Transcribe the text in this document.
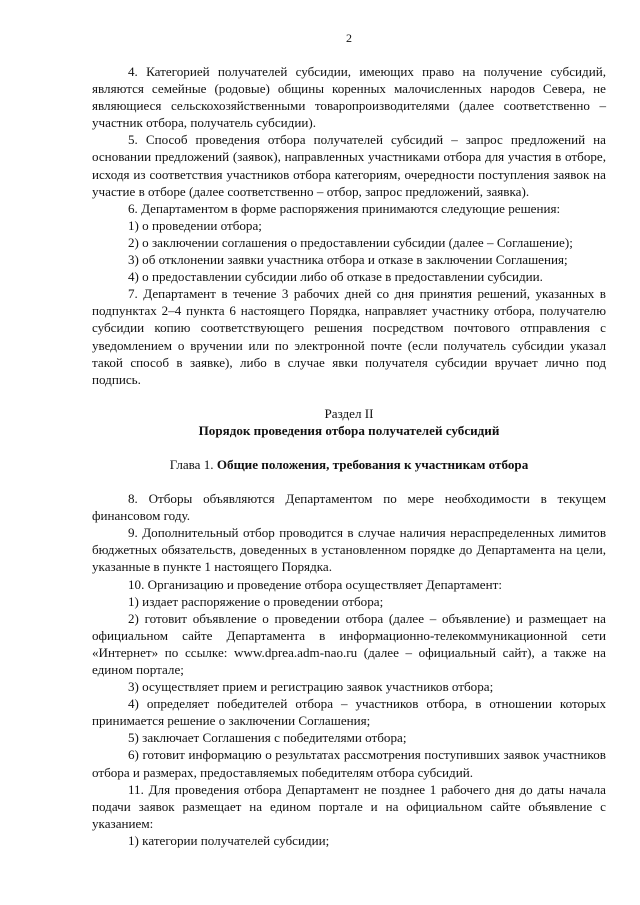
2

4. Категорией получателей субсидии, имеющих право на получение субсидий, являются семейные (родовые) общины коренных малочисленных народов Севера, не являющиеся сельскохозяйственными товаропроизводителями (далее соответственно – участник отбора, получатель субсидии).

5. Способ проведения отбора получателей субсидий – запрос предложений на основании предложений (заявок), направленных участниками отбора для участия в отборе, исходя из соответствия участников отбора категориям, очередности поступления заявок на участие в отборе (далее соответственно – отбор, запрос предложений, заявка).

6. Департаментом в форме распоряжения принимаются следующие решения:

1) о проведении отбора;

2) о заключении соглашения о предоставлении субсидии (далее – Соглашение);

3) об отклонении заявки участника отбора и отказе в заключении Соглашения;

4) о предоставлении субсидии либо об отказе в предоставлении субсидии.

7. Департамент в течение 3 рабочих дней со дня принятия решений, указанных в подпунктах 2–4 пункта 6 настоящего Порядка, направляет участнику отбора, получателю субсидии копию соответствующего решения посредством почтового отправления с уведомлением о вручении или по электронной почте (если получатель субсидии указал такой способ в заявке), либо в случае явки получателя субсидии вручает лично под подпись.

Раздел II

Порядок проведения отбора получателей субсидий

Глава 1. Общие положения, требования к участникам отбора

8. Отборы объявляются Департаментом по мере необходимости в текущем финансовом году.

9. Дополнительный отбор проводится в случае наличия нераспределенных лимитов бюджетных обязательств, доведенных в установленном порядке до Департамента на цели, указанные в пункте 1 настоящего Порядка.

10. Организацию и проведение отбора осуществляет Департамент:

1) издает распоряжение о проведении отбора;

2) готовит объявление о проведении отбора (далее – объявление) и размещает на официальном сайте Департамента в информационно-телекоммуникационной сети «Интернет» по ссылке: www.dprea.adm-nao.ru (далее – официальный сайт), а также на едином портале;

3) осуществляет прием и регистрацию заявок участников отбора;

4) определяет победителей отбора – участников отбора, в отношении которых принимается решение о заключении Соглашения;

5) заключает Соглашения с победителями отбора;

6) готовит информацию о результатах рассмотрения поступивших заявок участников отбора и размерах, предоставляемых победителям отбора субсидий.

11. Для проведения отбора Департамент не позднее 1 рабочего дня до даты начала подачи заявок размещает на едином портале и на официальном сайте объявление с указанием:

1) категории получателей субсидии;
